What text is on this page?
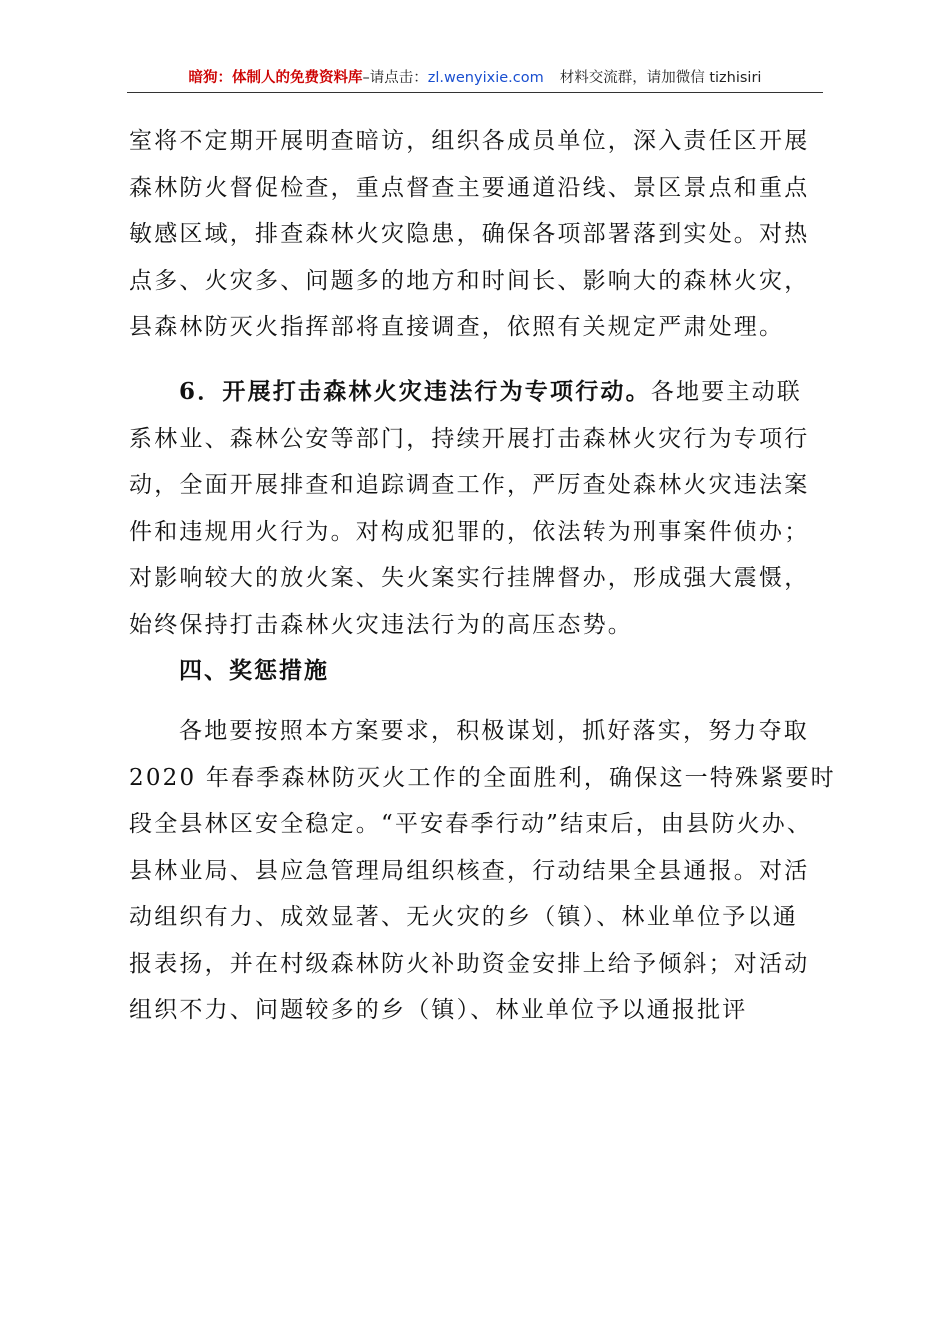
暗狗：体制人的免费资料库–请点击：zl.wenyixie.com 材料交流群，请加微信 tizhisiri
室将不定期开展明查暗访，组织各成员单位，深入责任区开展
森林防火督促检查，重点督查主要通道沿线、景区景点和重点
敏感区域，排查森林火灾隐患，确保各项部署落到实处。对热
点多、火灾多、问题多的地方和时间长、影响大的森林火灾，
县森林防灭火指挥部将直接调查，依照有关规定严肃处理。
6．开展打击森林火灾违法行为专项行动。各地要主动联
系林业、森林公安等部门，持续开展打击森林火灾行为专项行
动，全面开展排查和追踪调查工作，严厉查处森林火灾违法案
件和违规用火行为。对构成犯罪的，依法转为刑事案件侦办；
对影响较大的放火案、失火案实行挂牌督办，形成强大震慑，
始终保持打击森林火灾违法行为的高压态势。
四、奖惩措施
各地要按照本方案要求，积极谋划，抓好落实，努力夺取
2020 年春季森林防灭火工作的全面胜利，确保这一特殊紧要时
段全县林区安全稳定。“平安春季行动”结束后，由县防火办、
县林业局、县应急管理局组织核查，行动结果全县通报。对活
动组织有力、成效显著、无火灾的乡（镇）、林业单位予以通
报表扬，并在村级森林防火补助资金安排上给予倾斜；对活动
组织不力、问题较多的乡（镇）、林业单位予以通报批评
